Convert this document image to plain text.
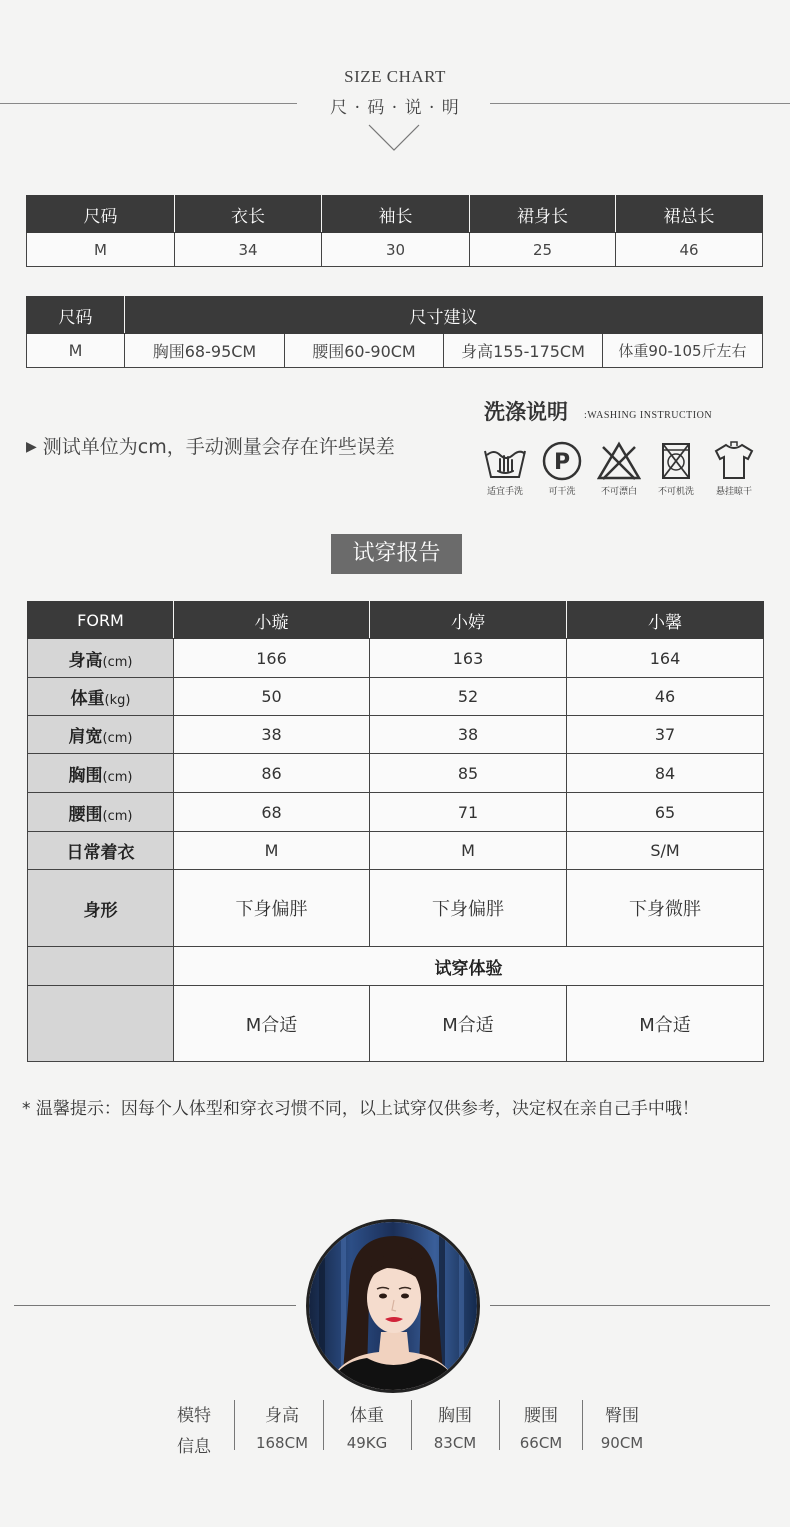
SIZE CHART
尺 · 码 · 说 · 明
尺码	衣长	袖长	裙身长	裙总长
M	34	30	25	46
尺码	尺寸建议			
M	胸围68-95CM	腰围60-90CM	身高155-175CM	体重90-105斤左右
▶ 测试单位为cm，手动测量会存在许些误差
洗涤说明 :WASHING INSTRUCTION
适宜手洗
P
可干洗	不可漂白	不可机洗	悬挂晾干
试穿报告
FORM	小璇	小婷	小馨
身高(cm)	166	163	164
体重(kg)	50	52	46
肩宽(cm)	38	38	37
胸围(cm)	86	85	84
腰围(cm)	68	71	65
日常着衣	M	M	S/M
身形	下身偏胖	下身偏胖	下身微胖
	试穿体验		
	M合适	M合适	M合适
* 温馨提示：因每个人体型和穿衣习惯不同，以上试穿仅供参考，决定权在亲自己手中哦！
模特
信息
身高
168CM
体重
49KG
胸围
83CM
腰围
66CM
臀围
90CM
